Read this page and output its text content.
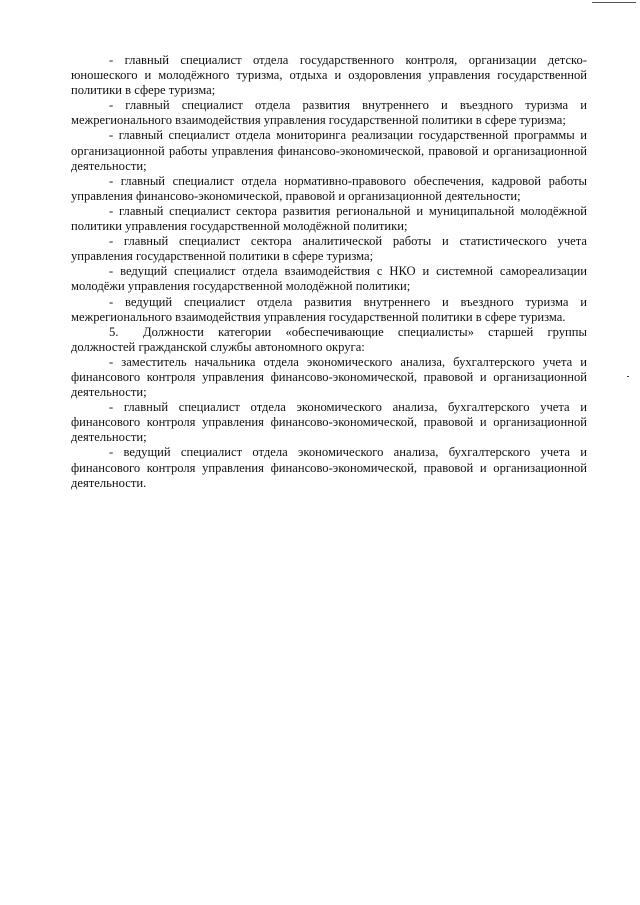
- главный специалист отдела государственного контроля, организации детско-юношеского и молодёжного туризма, отдыха и оздоровления управления государственной политики в сфере туризма;

- главный специалист отдела развития внутреннего и въездного туризма и межрегионального взаимодействия управления государственной политики в сфере туризма;

- главный специалист отдела мониторинга реализации государственной программы и организационной работы управления финансово-экономической, правовой и организационной деятельности;

- главный специалист отдела нормативно-правового обеспечения, кадровой работы управления финансово-экономической, правовой и организационной деятельности;

- главный специалист сектора развития региональной и муниципальной молодёжной политики управления государственной молодёжной политики;

- главный специалист сектора аналитической работы и статистического учета управления государственной политики в сфере туризма;

- ведущий специалист отдела взаимодействия с НКО и системной самореализации молодёжи управления государственной молодёжной политики;

- ведущий специалист отдела развития внутреннего и въездного туризма и межрегионального взаимодействия управления государственной политики в сфере туризма.

5. Должности категории «обеспечивающие специалисты» старшей группы должностей гражданской службы автономного округа:

- заместитель начальника отдела экономического анализа, бухгалтерского учета и финансового контроля управления финансово-экономической, правовой и организационной деятельности;

- главный специалист отдела экономического анализа, бухгалтерского учета и финансового контроля управления финансово-экономической, правовой и организационной деятельности;

- ведущий специалист отдела экономического анализа, бухгалтерского учета и финансового контроля управления финансово-экономической, правовой и организационной деятельности.
